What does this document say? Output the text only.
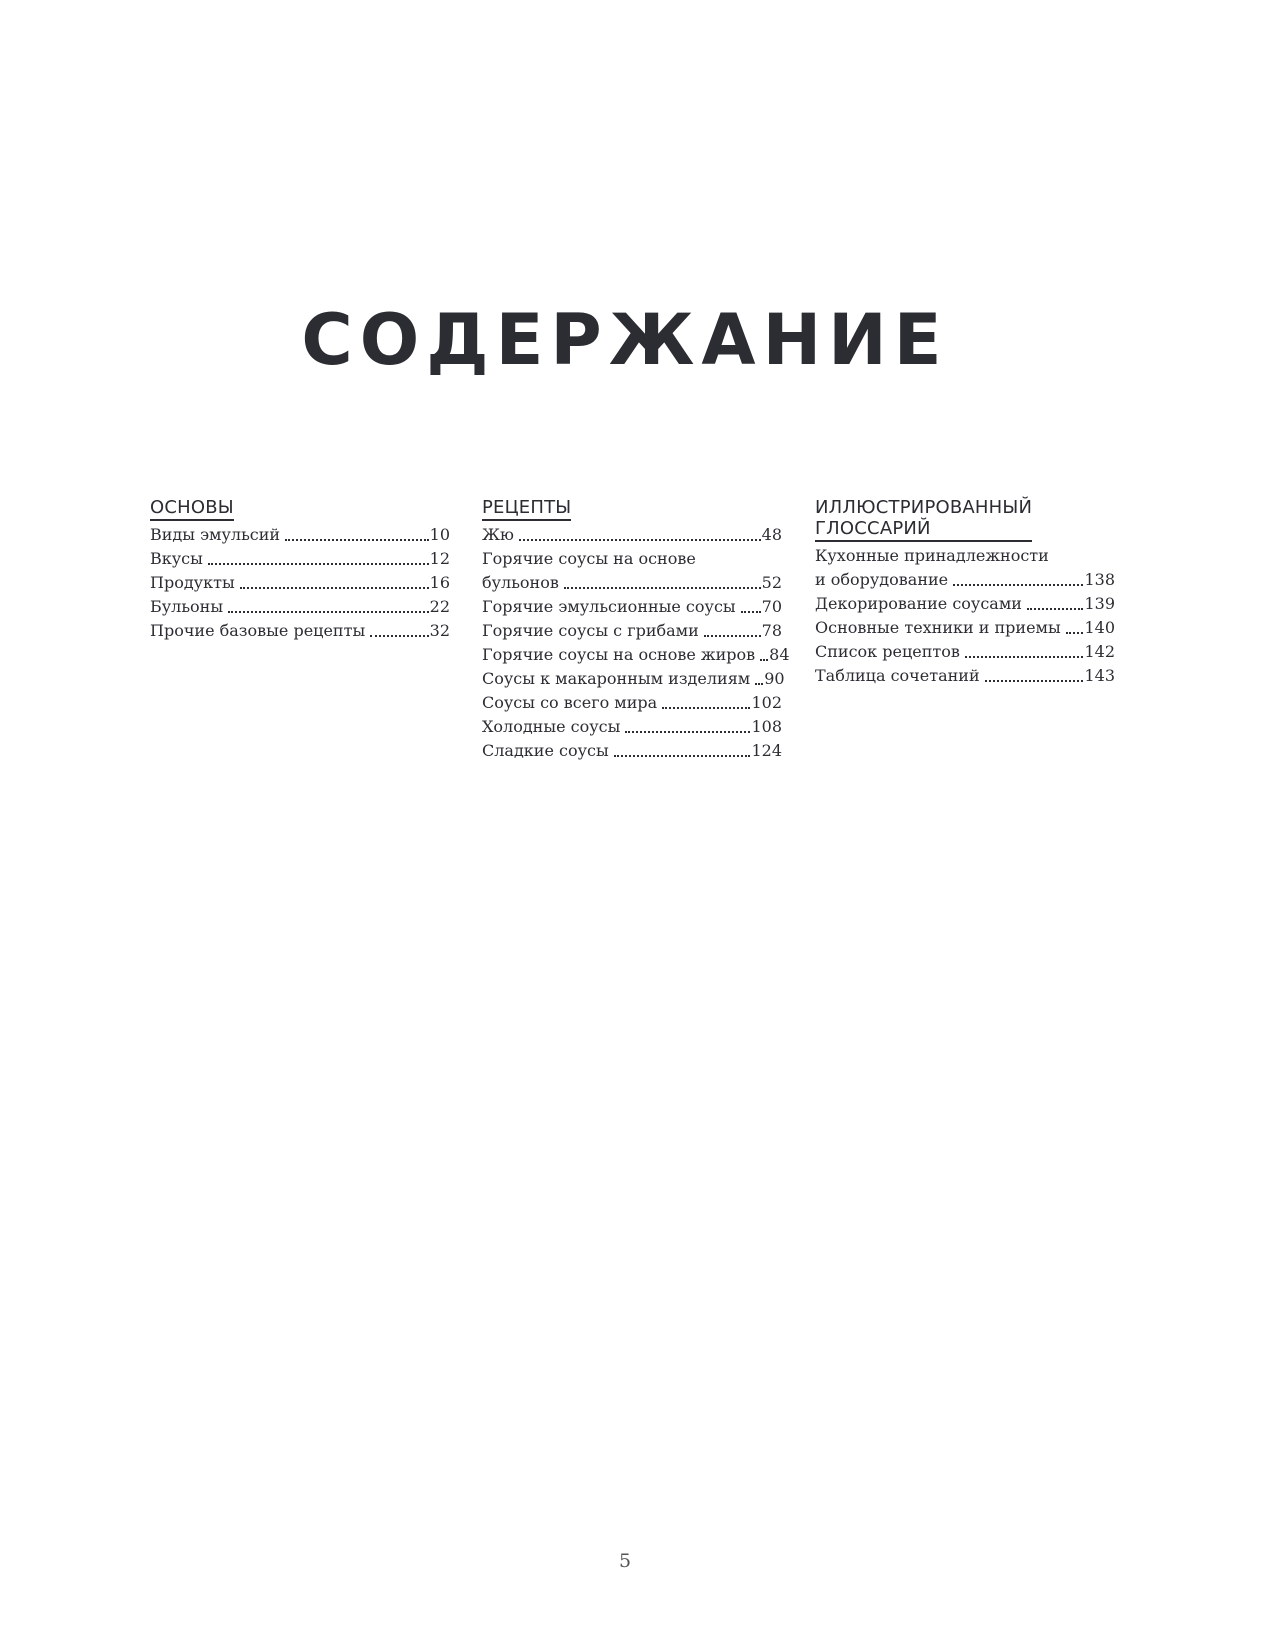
СОДЕРЖАНИЕ
ОСНОВЫ
Виды эмульсий	10
Вкусы	12
Продукты	16
Бульоны	22
Прочие базовые рецепты	32
РЕЦЕПТЫ
Жю	48
Горячие соусы на основе
бульонов	52
Горячие эмульсионные соусы	70
Горячие соусы с грибами	78
Горячие соусы на основе жиров 84
Соусы к макаронным изделиям 90
Соусы со всего мира	102
Холодные соусы	108
Сладкие соусы	124
ИЛЛЮСТРИРОВАННЫЙ
ГЛОССАРИЙ
Кухонные принадлежности
и оборудование	138
Декорирование соусами	139
Основные техники и приемы	140
Список рецептов	142
Таблица сочетаний	143
5
